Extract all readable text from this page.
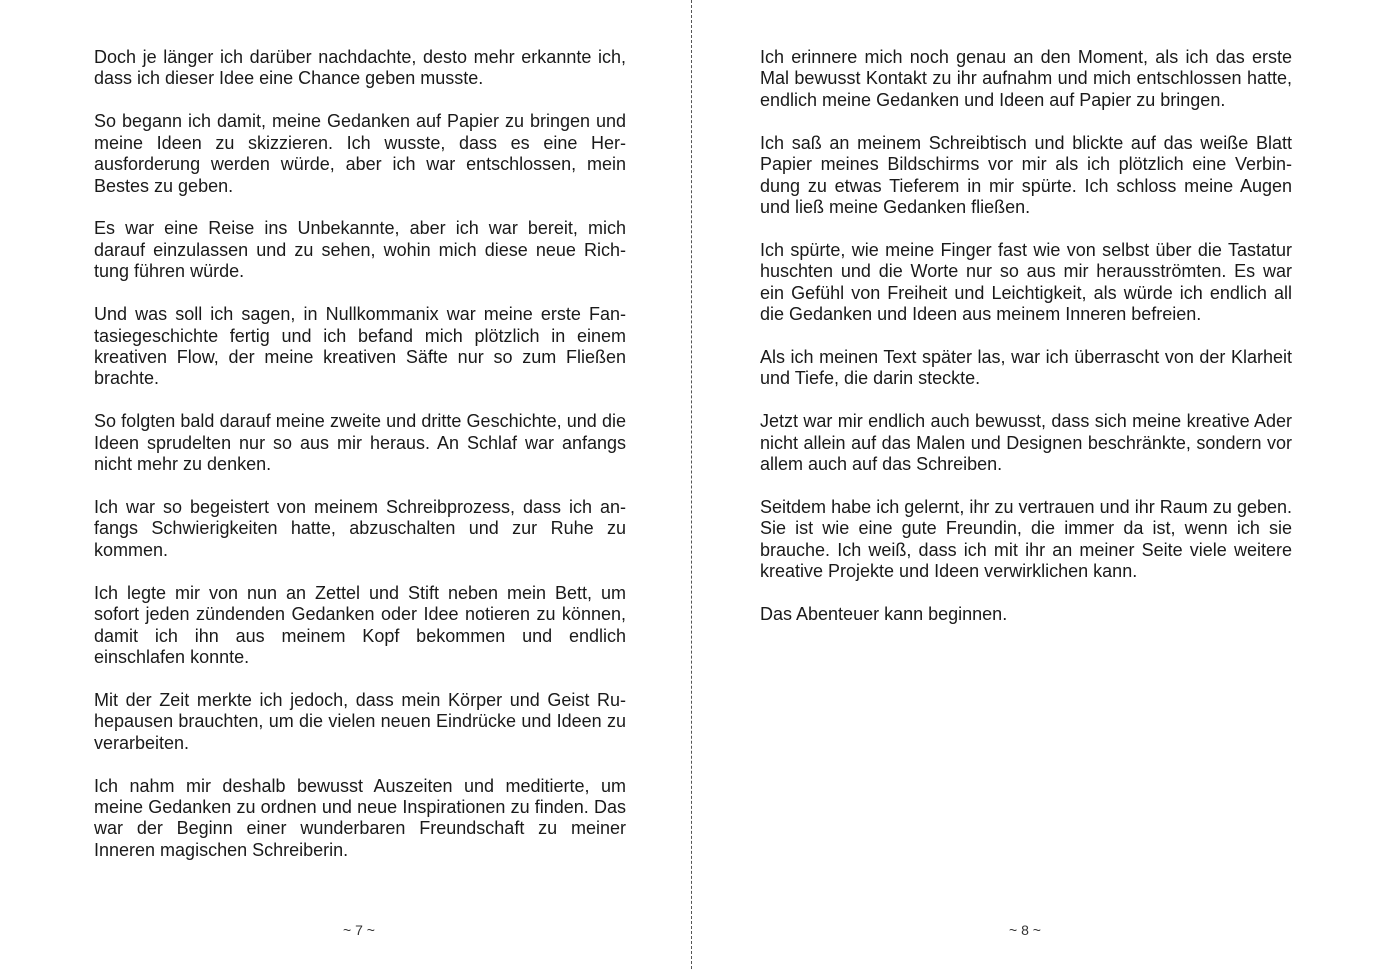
Doch je länger ich darüber nachdachte, desto mehr erkannte ich, dass ich dieser Idee eine Chance geben musste.

So begann ich damit, meine Gedanken auf Papier zu bringen und meine Ideen zu skizzieren. Ich wusste, dass es eine Herausforderung werden würde, aber ich war entschlossen, mein Bestes zu geben.

Es war eine Reise ins Unbekannte, aber ich war bereit, mich darauf einzulassen und zu sehen, wohin mich diese neue Richtung führen würde.

Und was soll ich sagen, in Nullkommanix war meine erste Fantasiegeschichte fertig und ich befand mich plötzlich in einem kreativen Flow, der meine kreativen Säfte nur so zum Fließen brachte.

So folgten bald darauf meine zweite und dritte Geschichte, und die Ideen sprudelten nur so aus mir heraus. An Schlaf war anfangs nicht mehr zu denken.

Ich war so begeistert von meinem Schreibprozess, dass ich anfangs Schwierigkeiten hatte, abzuschalten und zur Ruhe zu kommen.

Ich legte mir von nun an Zettel und Stift neben mein Bett, um sofort jeden zündenden Gedanken oder Idee notieren zu können, damit ich ihn aus meinem Kopf bekommen und endlich einschlafen konnte.

Mit der Zeit merkte ich jedoch, dass mein Körper und Geist Ruhepausen brauchten, um die vielen neuen Eindrücke und Ideen zu verarbeiten.

Ich nahm mir deshalb bewusst Auszeiten und meditierte, um meine Gedanken zu ordnen und neue Inspirationen zu finden. Das war der Beginn einer wunderbaren Freundschaft zu meiner Inneren magischen Schreiberin.

~ 7 ~

Ich erinnere mich noch genau an den Moment, als ich das erste Mal bewusst Kontakt zu ihr aufnahm und mich entschlossen hatte, endlich meine Gedanken und Ideen auf Papier zu bringen.

Ich saß an meinem Schreibtisch und blickte auf das weiße Blatt Papier meines Bildschirms vor mir als ich plötzlich eine Verbindung zu etwas Tieferem in mir spürte. Ich schloss meine Augen und ließ meine Gedanken fließen.

Ich spürte, wie meine Finger fast wie von selbst über die Tastatur huschten und die Worte nur so aus mir herausströmten. Es war ein Gefühl von Freiheit und Leichtigkeit, als würde ich endlich all die Gedanken und Ideen aus meinem Inneren befreien.

Als ich meinen Text später las, war ich überrascht von der Klarheit und Tiefe, die darin steckte.

Jetzt war mir endlich auch bewusst, dass sich meine kreative Ader nicht allein auf das Malen und Designen beschränkte, sondern vor allem auch auf das Schreiben.

Seitdem habe ich gelernt, ihr zu vertrauen und ihr Raum zu geben. Sie ist wie eine gute Freundin, die immer da ist, wenn ich sie brauche. Ich weiß, dass ich mit ihr an meiner Seite viele weitere kreative Projekte und Ideen verwirklichen kann.

Das Abenteuer kann beginnen.

~ 8 ~
